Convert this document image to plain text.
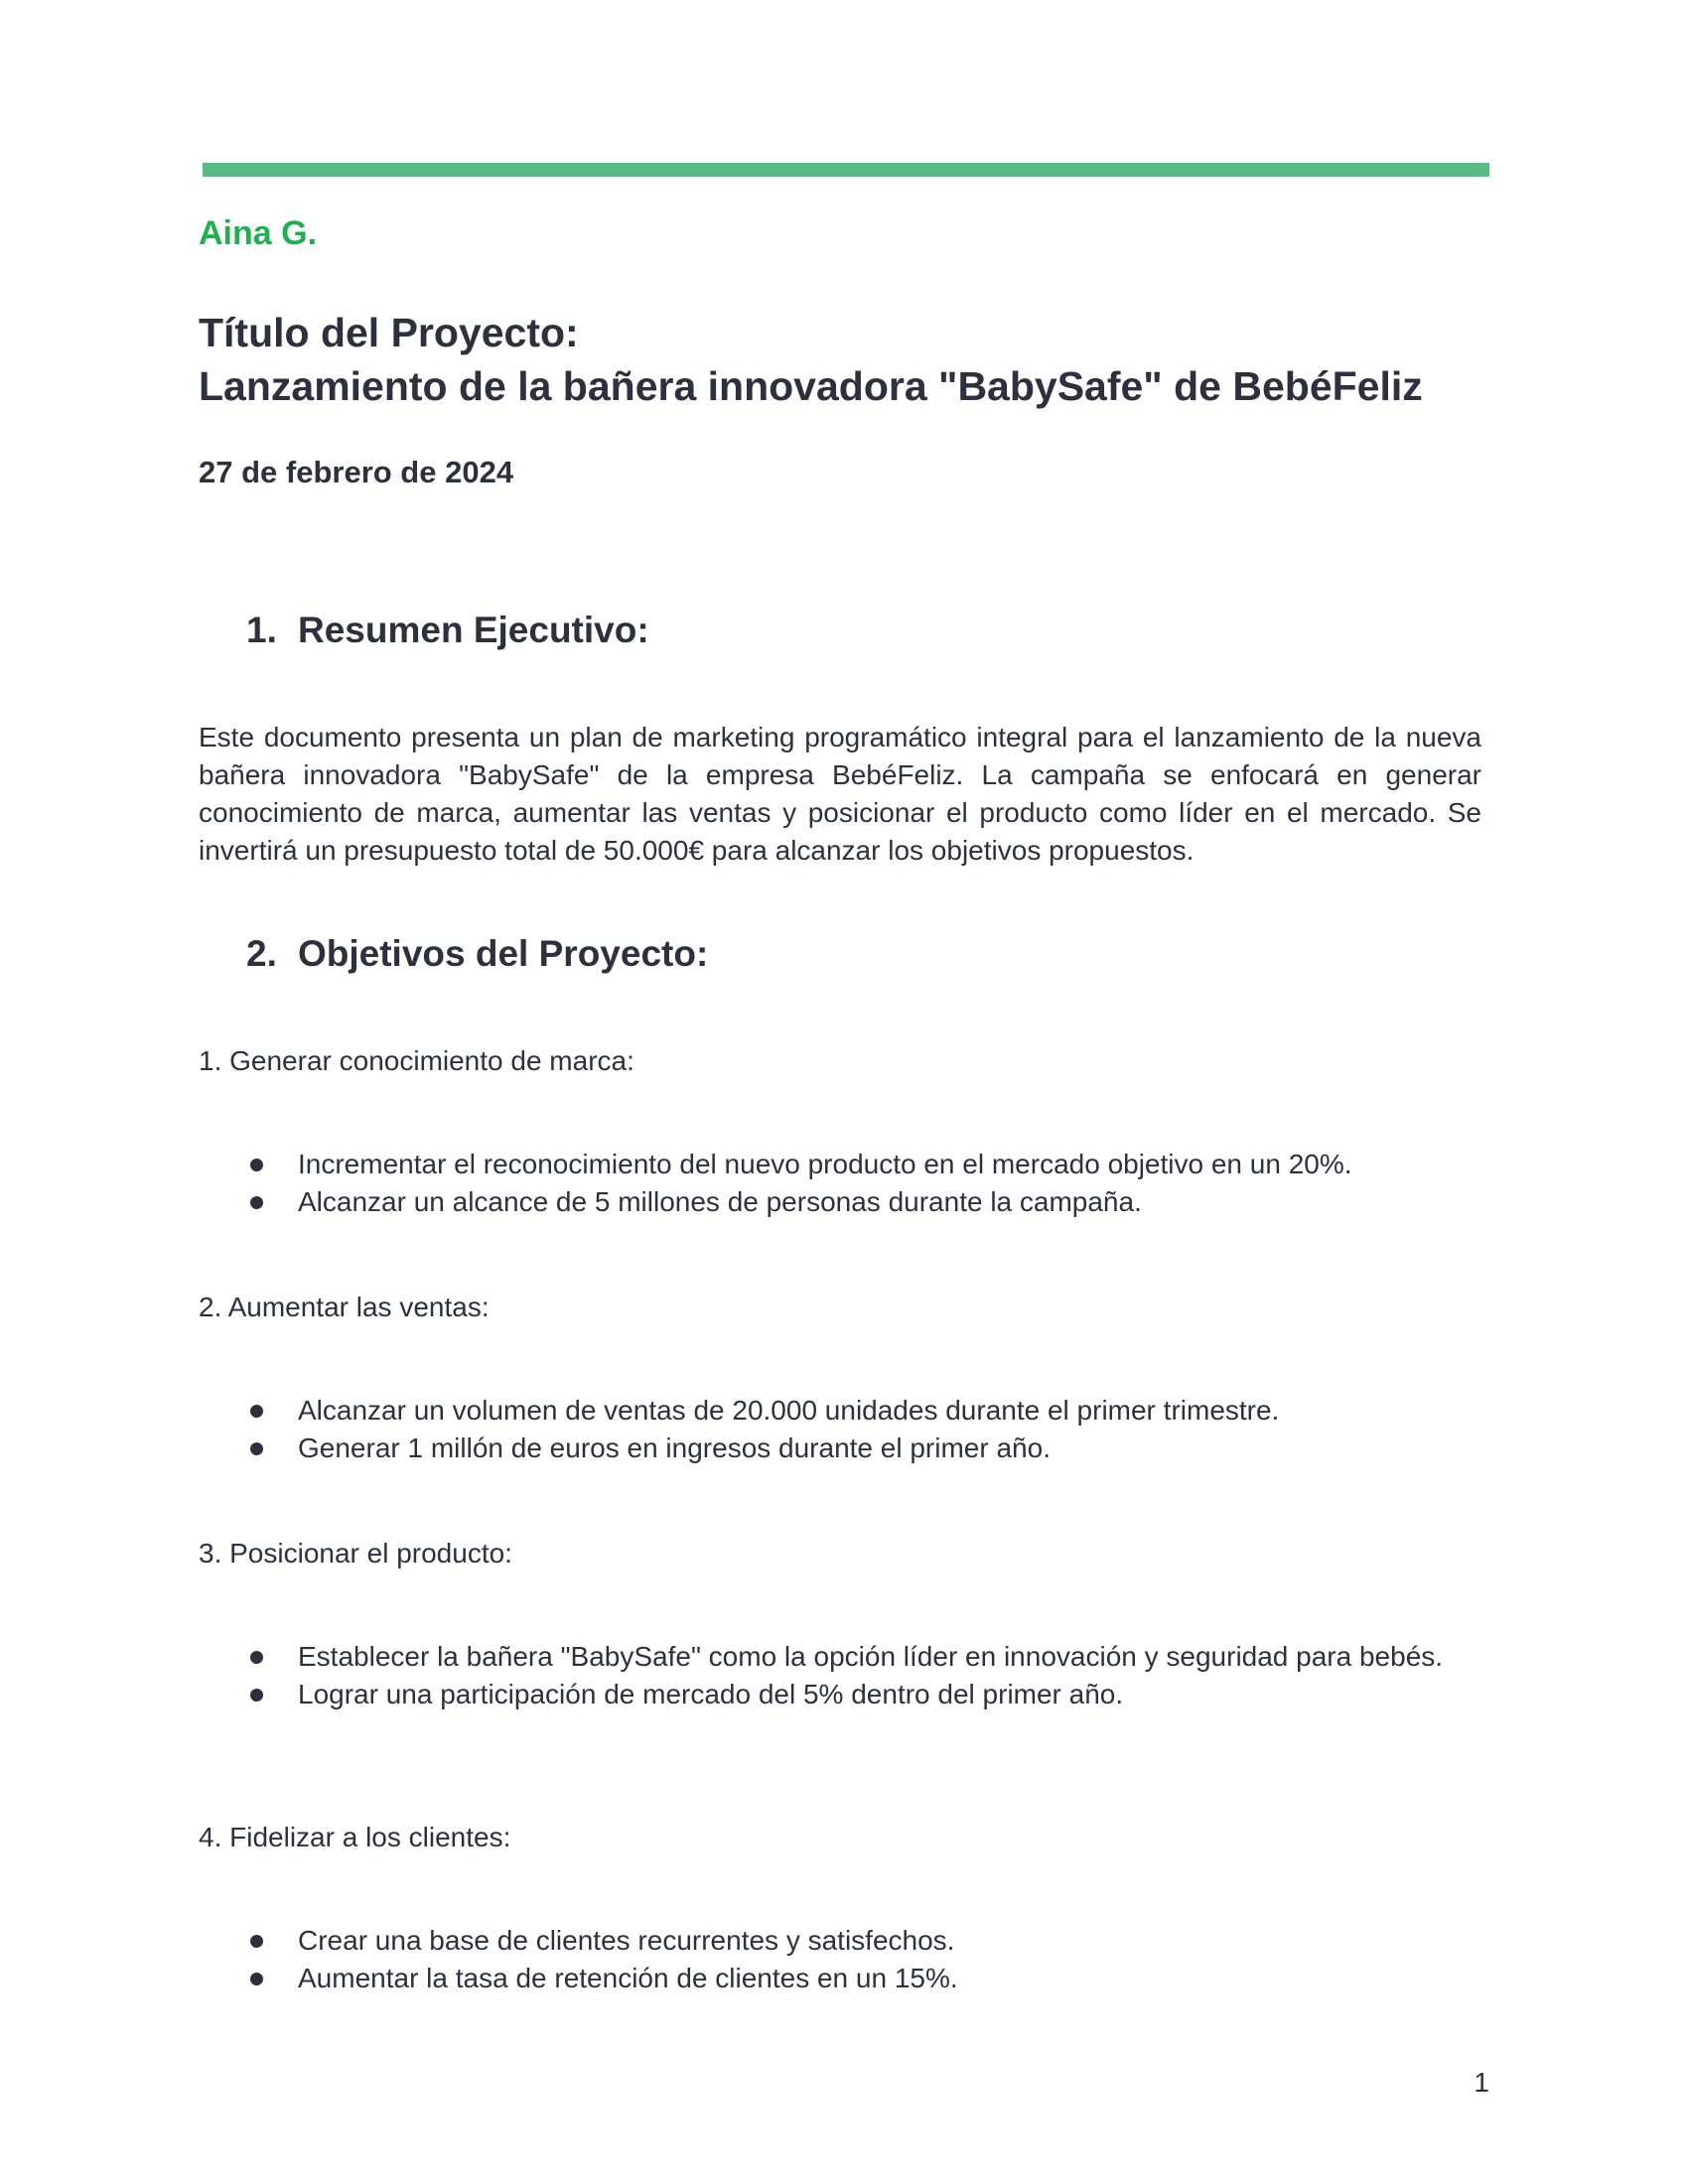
Aina G.
Título del Proyecto:
Lanzamiento de la bañera innovadora "BabySafe" de BebéFeliz
27 de febrero de 2024
1. Resumen Ejecutivo:
Este documento presenta un plan de marketing programático integral para el lanzamiento de la nueva bañera innovadora "BabySafe" de la empresa BebéFeliz. La campaña se enfocará en generar conocimiento de marca, aumentar las ventas y posicionar el producto como líder en el mercado. Se invertirá un presupuesto total de 50.000€ para alcanzar los objetivos propuestos.
2. Objetivos del Proyecto:
1. Generar conocimiento de marca:
Incrementar el reconocimiento del nuevo producto en el mercado objetivo en un 20%.
Alcanzar un alcance de 5 millones de personas durante la campaña.
2. Aumentar las ventas:
Alcanzar un volumen de ventas de 20.000 unidades durante el primer trimestre.
Generar 1 millón de euros en ingresos durante el primer año.
3. Posicionar el producto:
Establecer la bañera "BabySafe" como la opción líder en innovación y seguridad para bebés.
Lograr una participación de mercado del 5% dentro del primer año.
4. Fidelizar a los clientes:
Crear una base de clientes recurrentes y satisfechos.
Aumentar la tasa de retención de clientes en un 15%.
1
